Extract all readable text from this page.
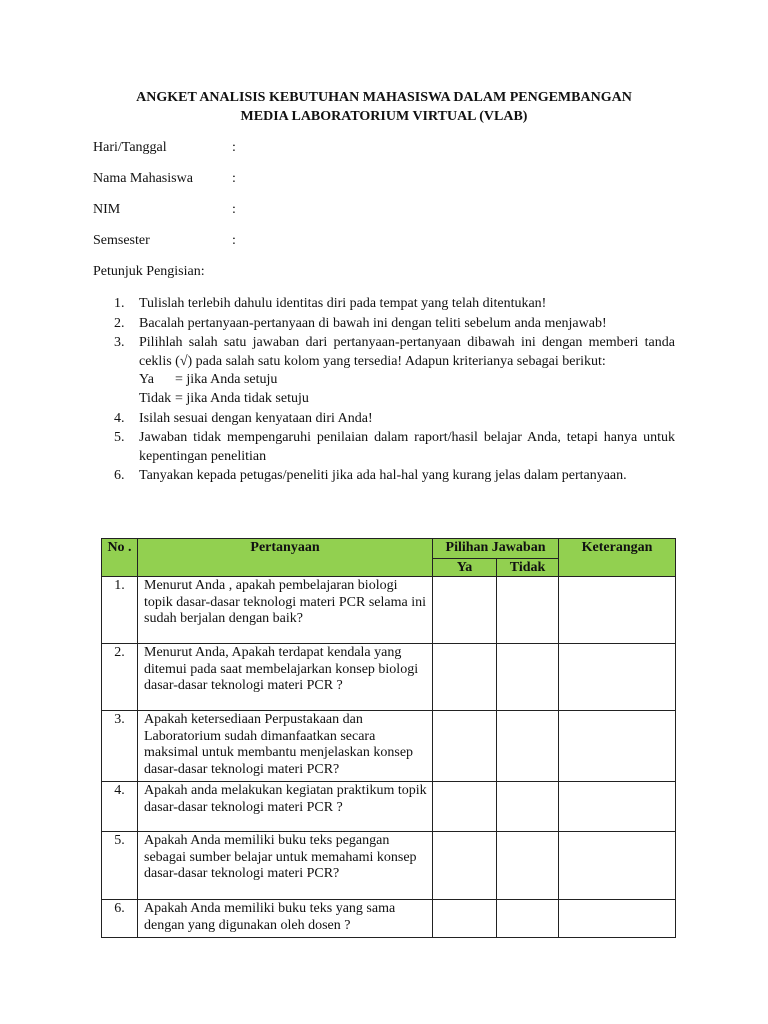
ANGKET ANALISIS KEBUTUHAN MAHASISWA DALAM PENGEMBANGAN
MEDIA LABORATORIUM VIRTUAL (VLAB)
Hari/Tanggal	:
Nama Mahasiswa	:
NIM	:
Semsester	:
Petunjuk Pengisian:
1. Tulislah terlebih dahulu identitas diri pada tempat yang telah ditentukan!
2. Bacalah pertanyaan-pertanyaan di bawah ini dengan teliti sebelum anda menjawab!
3. Pilihlah salah satu jawaban dari pertanyaan-pertanyaan dibawah ini dengan memberi tanda ceklis (√) pada salah satu kolom yang tersedia! Adapun kriterianya sebagai berikut:
Ya = jika Anda setuju
Tidak = jika Anda tidak setuju
4. Isilah sesuai dengan kenyataan diri Anda!
5. Jawaban tidak mempengaruhi penilaian dalam raport/hasil belajar Anda, tetapi hanya untuk kepentingan penelitian
6. Tanyakan kepada petugas/peneliti jika ada hal-hal yang kurang jelas dalam pertanyaan.
No .	Pertanyaan	Pilihan Jawaban		Keterangan
		Ya	Tidak	
1.	Menurut Anda , apakah pembelajaran biologi topik dasar-dasar teknologi materi PCR selama ini sudah berjalan dengan baik?			
2.	Menurut Anda, Apakah terdapat kendala yang ditemui pada saat membelajarkan konsep biologi dasar-dasar teknologi materi PCR ?			
3.	Apakah ketersediaan Perpustakaan dan Laboratorium sudah dimanfaatkan secara maksimal untuk membantu menjelaskan konsep dasar-dasar teknologi materi PCR?			
4.	Apakah anda melakukan kegiatan praktikum topik dasar-dasar teknologi materi PCR ?			
5.	Apakah Anda memiliki buku teks pegangan sebagai sumber belajar untuk memahami konsep dasar-dasar teknologi materi PCR?			
6.	Apakah Anda memiliki buku teks yang sama dengan yang digunakan oleh dosen ?			
